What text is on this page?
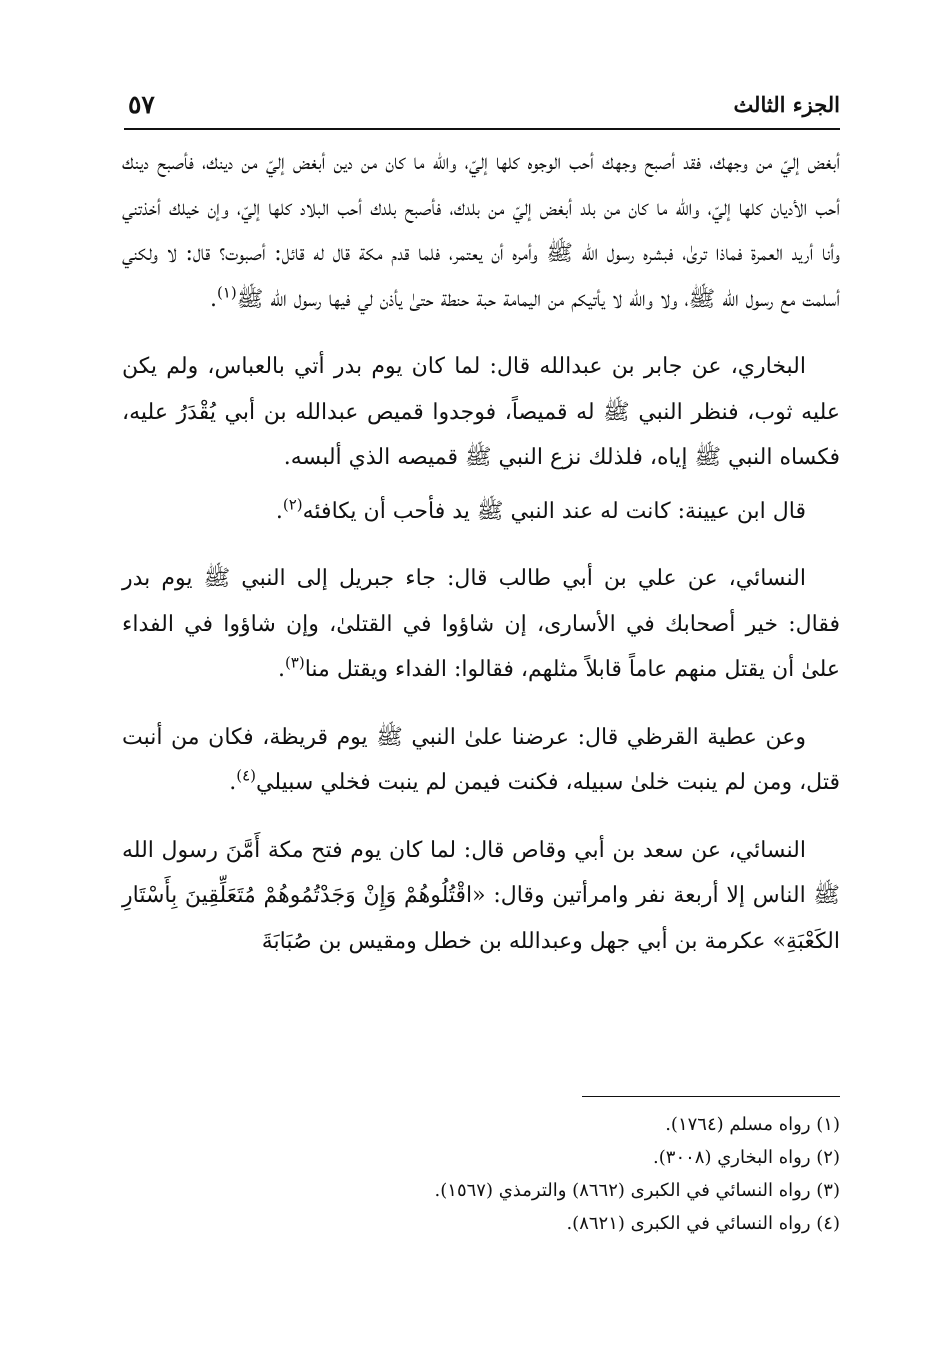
الجزء الثالث
٥٧

أبغض إليّ من وجهك، فقد أصبح وجهك أحب الوجوه كلها إليّ، والله ما كان من دين أبغض إليّ من دينك، فأصبح دينك أحب الأديان كلها إليّ، والله ما كان من بلد أبغض إليّ من بلدك، فأصبح بلدك أحب البلاد كلها إليّ، وإن خيلك أخذتني وأنا أريد العمرة فماذا ترىٰ، فبشره رسول الله ﷺ وأمره أن يعتمر، فلما قدم مكة قال له قائل: أصبوت؟ قال: لا ولكني أسلمت مع رسول الله ﷺ، ولا والله لا يأتيكم من اليمامة حبة حنطة حتىٰ يأذن لي فيها رسول الله ﷺ$^{(١)}$.

البخاري، عن جابر بن عبدالله قال: لما كان يوم بدر أتي بالعباس، ولم يكن عليه ثوب، فنظر النبي ﷺ له قميصاً، فوجدوا قميص عبدالله بن أبي يُقْدَرُ عليه، فكساه النبي ﷺ إياه، فلذلك نزع النبي ﷺ قميصه الذي ألبسه.

قال ابن عيينة: كانت له عند النبي ﷺ يد فأحب أن يكافئه$^{(٢)}$.

النسائي، عن علي بن أبي طالب قال: جاء جبريل إلى النبي ﷺ يوم بدر فقال: خير أصحابك في الأسارى، إن شاؤوا في القتلىٰ، وإن شاؤوا في الفداء علىٰ أن يقتل منهم عاماً قابلاً مثلهم، فقالوا: الفداء ويقتل منا$^{(٣)}$.

وعن عطية القرظي قال: عرضنا علىٰ النبي ﷺ يوم قريظة، فكان من أنبت قتل، ومن لم ينبت خلىٰ سبيله، فكنت فيمن لم ينبت فخلي سبيلي$^{(٤)}$.

النسائي، عن سعد بن أبي وقاص قال: لما كان يوم فتح مكة أَمَّنَ رسول الله ﷺ الناس إلا أربعة نفر وامرأتين وقال: «اقْتُلُوهُمْ وَإِنْ وَجَدْتُمُوهُمْ مُتَعَلِّقِينَ بِأَسْتَارِ الكَعْبَةِ» عكرمة بن أبي جهل وعبدالله بن خطل ومقيس بن صُبَابَةَ

(١) رواه مسلم (١٧٦٤).
(٢) رواه البخاري (٣٠٠٨).
(٣) رواه النسائي في الكبرى (٨٦٦٢) والترمذي (١٥٦٧).
(٤) رواه النسائي في الكبرى (٨٦٢١).
